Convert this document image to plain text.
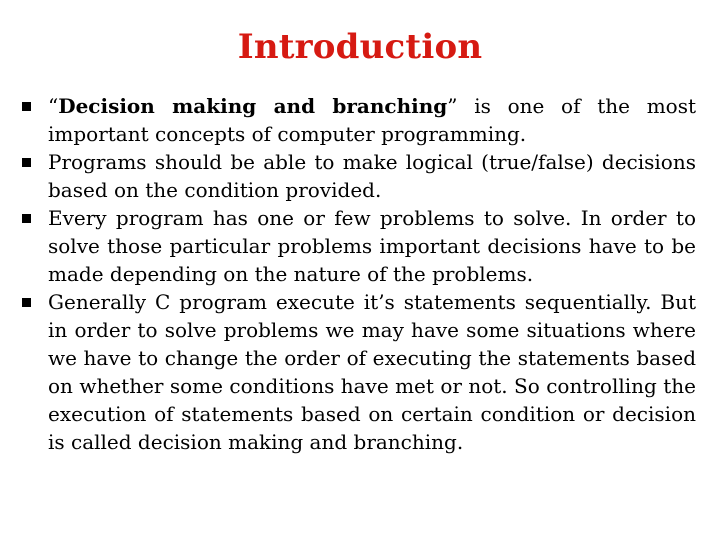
Introduction
“Decision making and branching” is one of the most important concepts of computer programming.
Programs should be able to make logical (true/false) decisions based on the condition provided.
Every program has one or few problems to solve. In order to solve those particular problems important decisions have to be made depending on the nature of the problems.
Generally C program execute it’s statements sequentially. But in order to solve problems we may have some situations where we have to change the order of executing the statements based on whether some conditions have met or not. So controlling the execution of statements based on certain condition or decision is called decision making and branching.
